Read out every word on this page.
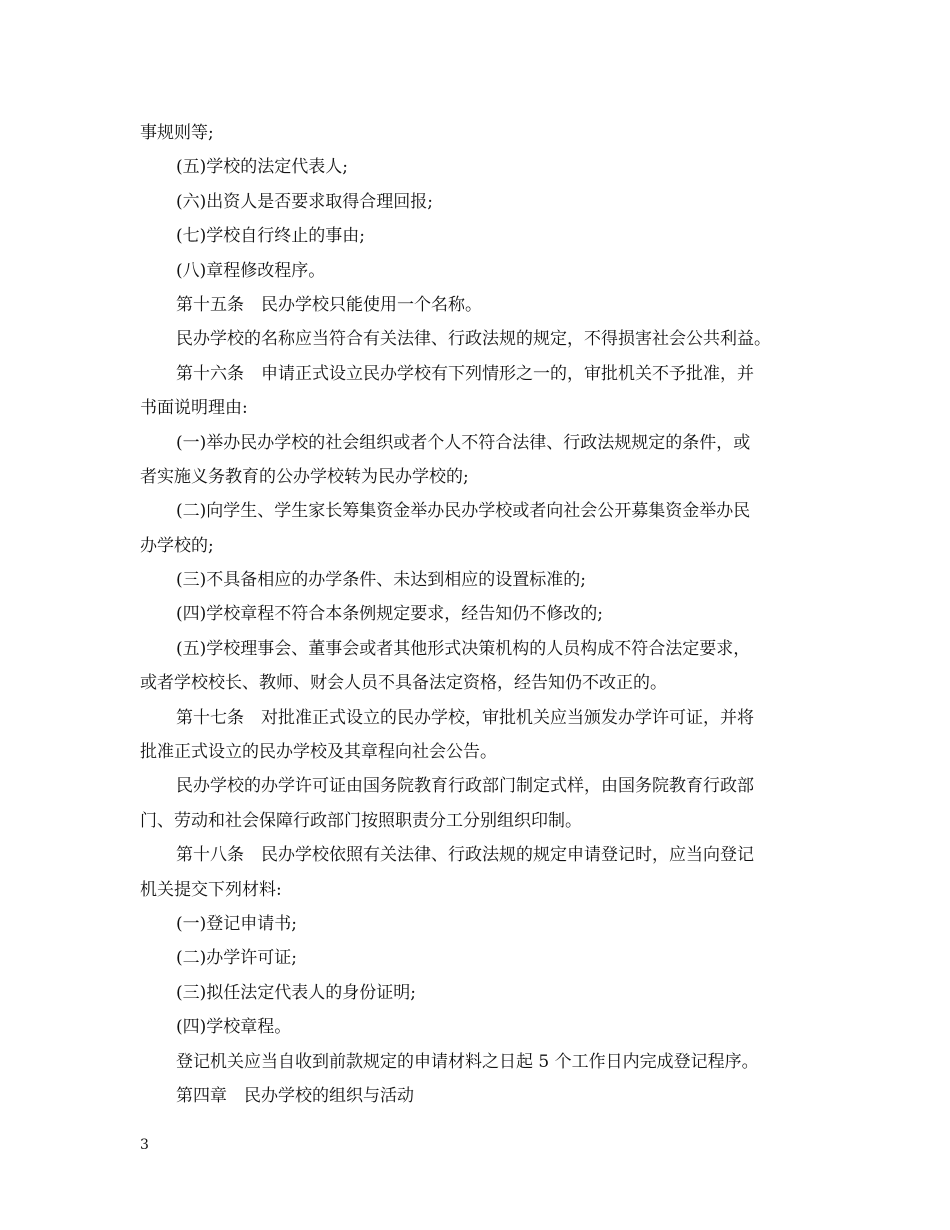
事规则等;
(五)学校的法定代表人;
(六)出资人是否要求取得合理回报;
(七)学校自行终止的事由;
(八)章程修改程序。
第十五条　民办学校只能使用一个名称。
民办学校的名称应当符合有关法律、行政法规的规定，不得损害社会公共利益。
第十六条　申请正式设立民办学校有下列情形之一的，审批机关不予批准，并
书面说明理由:
(一)举办民办学校的社会组织或者个人不符合法律、行政法规规定的条件，或
者实施义务教育的公办学校转为民办学校的;
(二)向学生、学生家长筹集资金举办民办学校或者向社会公开募集资金举办民
办学校的;
(三)不具备相应的办学条件、未达到相应的设置标准的;
(四)学校章程不符合本条例规定要求，经告知仍不修改的;
(五)学校理事会、董事会或者其他形式决策机构的人员构成不符合法定要求，
或者学校校长、教师、财会人员不具备法定资格，经告知仍不改正的。
第十七条　对批准正式设立的民办学校，审批机关应当颁发办学许可证，并将
批准正式设立的民办学校及其章程向社会公告。
民办学校的办学许可证由国务院教育行政部门制定式样，由国务院教育行政部
门、劳动和社会保障行政部门按照职责分工分别组织印制。
第十八条　民办学校依照有关法律、行政法规的规定申请登记时，应当向登记
机关提交下列材料:
(一)登记申请书;
(二)办学许可证;
(三)拟任法定代表人的身份证明;
(四)学校章程。
登记机关应当自收到前款规定的申请材料之日起 5 个工作日内完成登记程序。
第四章　民办学校的组织与活动
3
